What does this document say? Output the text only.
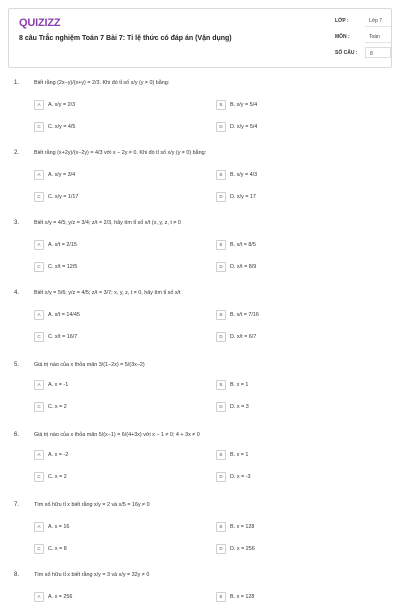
QUIZIZZ
8 câu Trắc nghiệm Toán 7 Bài 7: Tỉ lệ thức có đáp án (Vận dụng)
LỚP :	Lớp 7
MÔN :	Toán
SỐ CÂU :	8
1.	Biết rằng (2x−y)/(x+y) = 2/3. Khi đó tỉ số x/y (y ≠ 0) bằng:
A	A. x/y = 2/3	B	B. x/y = 5/4
C	C. x/y = 4/5	D	D. x/y = 5/4
2.	Biết rằng (x+2y)/(x−2y) = 4/3 với x − 2y ≠ 0. Khi đó tỉ số x/y (y ≠ 0) bằng:
A	A. x/y = 3/4	B	B. x/y = 4/3
C	C. x/y = 1/17	D	D. x/y = 17
3.	Biết x/y = 4/5; y/z = 3/4; z/t = 2/3, hãy tìm tỉ số x/t (x, y, z, t ≠ 0
A	A. x/t = 2/15	B	B. x/t = 8/5
C	C. x/t = 12/5	D	D. x/t = 8/9
4.	Biết x/y = 5/6; y/z = 4/5; z/t = 3/7; x, y, z, t ≠ 0, hãy tìm tỉ số x/t
A	A. x/t = 14/45	B	B. x/t = 7/16
C	C. x/t = 16/7	D	D. x/t = 6/7
5.	Giá trị nào của x thỏa mãn 3/(1−2x) = 5/(3x−2)
A	A. x = -1	B	B. x = 1
C	C. x = 2	D	D. x = 3
6.	Giá trị nào của x thỏa mãn 5/(x−1) = 6/(4+3x) với x − 1 ≠ 0; 4 + 3x ≠ 0
A	A. x = -2	B	B. x = 1
C	C. x = 2	D	D. x = -3
7.	Tìm số hữu tỉ x biết rằng x/y = 2 và x/5 = 16y ≠ 0
A	A. x = 16	B	B. x = 128
C	C. x = 8	D	D. x = 256
8.	Tìm số hữu tỉ x biết rằng x/y = 3 và x/y = 32y ≠ 0
A	A. x = 256	B	B. x = 128
